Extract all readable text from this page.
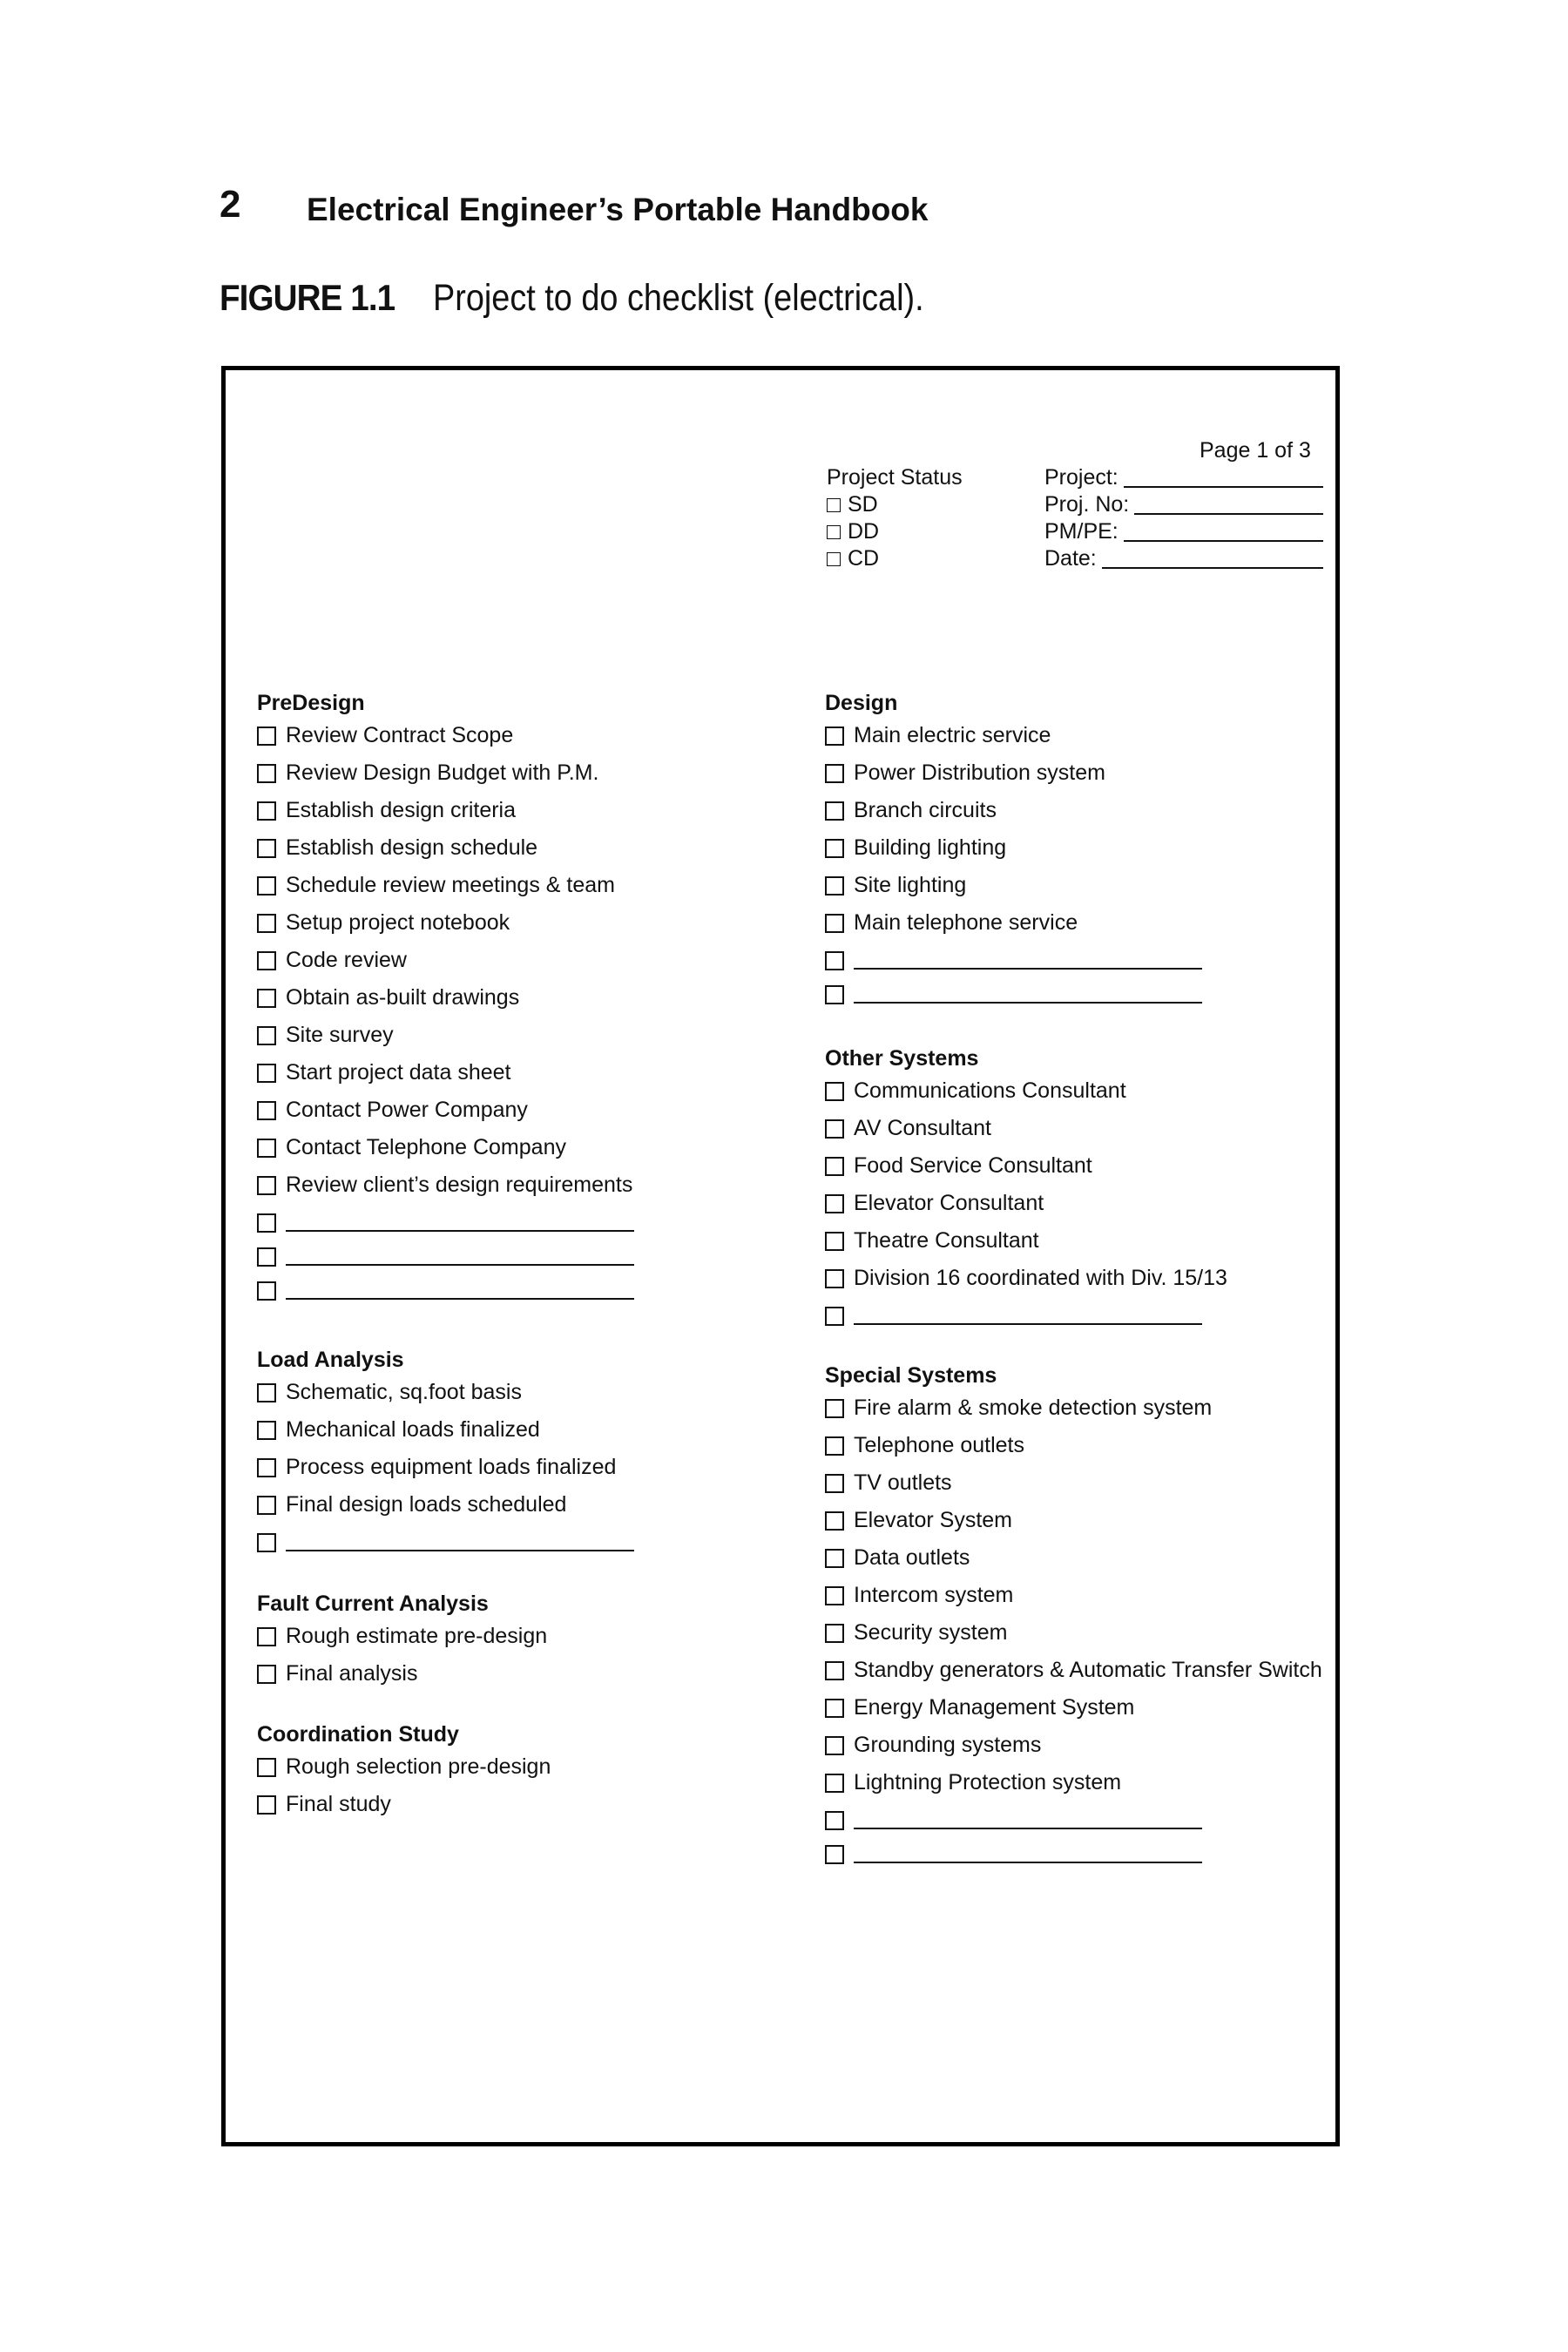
2 Electrical Engineer’s Portable Handbook
FIGURE 1.1 Project to do checklist (electrical).
Page 1 of 3
Project Status
SD
DD
CD
Project:
Proj. No:
PM/PE:
Date:
PreDesign
Review Contract Scope
Review Design Budget with P.M.
Establish design criteria
Establish design schedule
Schedule review meetings & team
Setup project notebook
Code review
Obtain as-built drawings
Site survey
Start project data sheet
Contact Power Company
Contact Telephone Company
Review client’s design requirements
Load Analysis
Schematic, sq.foot basis
Mechanical loads finalized
Process equipment loads finalized
Final design loads scheduled
Fault Current Analysis
Rough estimate pre-design
Final analysis
Coordination Study
Rough selection pre-design
Final study
Design
Main electric service
Power Distribution system
Branch circuits
Building lighting
Site lighting
Main telephone service
Other Systems
Communications Consultant
AV Consultant
Food Service Consultant
Elevator Consultant
Theatre Consultant
Division 16 coordinated with Div. 15/13
Special Systems
Fire alarm & smoke detection system
Telephone outlets
TV outlets
Elevator System
Data outlets
Intercom system
Security system
Standby generators & Automatic Transfer Switch
Energy Management System
Grounding systems
Lightning Protection system
